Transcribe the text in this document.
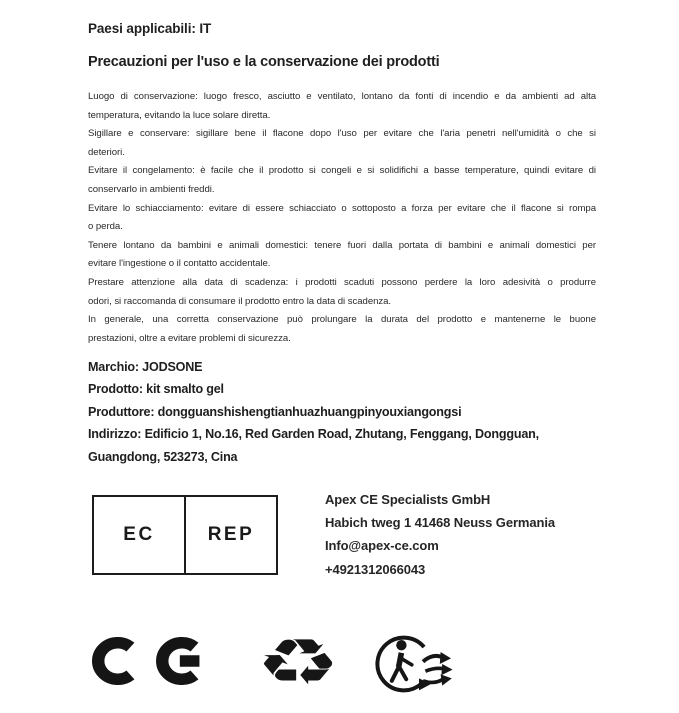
Paesi applicabili: IT
Precauzioni per l'uso e la conservazione dei prodotti
Luogo di conservazione: luogo fresco, asciutto e ventilato, lontano da fonti di incendio e da ambienti ad alta
temperatura, evitando la luce solare diretta.
Sigillare e conservare: sigillare bene il flacone dopo l'uso per evitare che l'aria penetri nell'umidità o che si
deteriori.
Evitare il congelamento: è facile che il prodotto si congeli e si solidifichi a basse temperature, quindi evitare di
conservarlo in ambienti freddi.
Evitare lo schiacciamento: evitare di essere schiacciato o sottoposto a forza per evitare che il flacone si rompa
o perda.
Tenere lontano da bambini e animali domestici: tenere fuori dalla portata di bambini e animali domestici per
evitare l'ingestione o il contatto accidentale.
Prestare attenzione alla data di scadenza: i prodotti scaduti possono perdere la loro adesività o produrre
odori, si raccomanda di consumare il prodotto entro la data di scadenza.
In generale, una corretta conservazione può prolungare la durata del prodotto e mantenerne le buone
prestazioni, oltre a evitare problemi di sicurezza.
Marchio: JODSONE
Prodotto: kit smalto gel
Produttore: dongguanshishengtianhuazhuangpinyouxiangongsi
Indirizzo: Edificio 1, No.16, Red Garden Road, Zhutang, Fenggang, Dongguan,
Guangdong, 523273, Cina
EC	REP
Apex CE Specialists GmbH
Habich tweg 1 41468 Neuss Germania
Info@apex-ce.com
+4921312066043
♻
